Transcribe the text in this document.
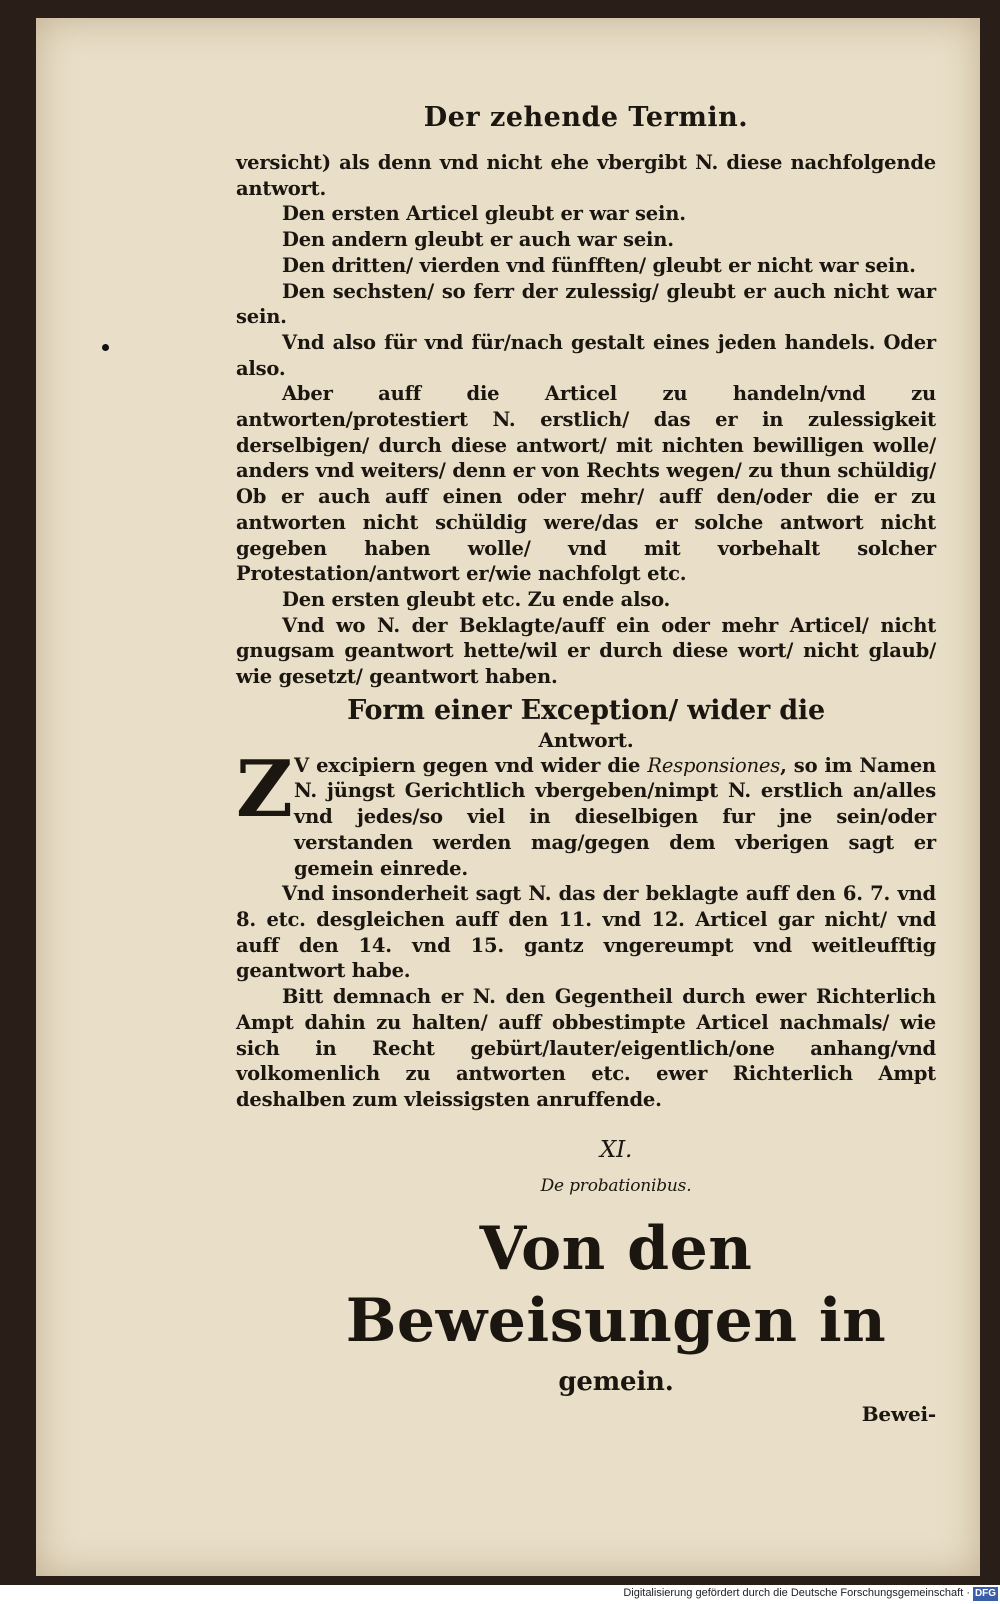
Der zehende Termin.

versicht) als denn vnd nicht ehe vbergibt N. diese nachfolgende antwort.

Den ersten Articel gleubt er war sein.

Den andern gleubt er auch war sein.

Den dritten/ vierden vnd fünfften/ gleubt er nicht war sein.

Den sechsten/ so ferr der zulessig/ gleubt er auch nicht war sein.

Vnd also für vnd für/nach gestalt eines jeden handels. Oder also.

Aber auff die Articel zu handeln/vnd zu antworten/protestiert N. erstlich/ das er in zulessigkeit derselbigen/ durch diese antwort/ mit nichten bewilligen wolle/ anders vnd weiters/ denn er von Rechts wegen/ zu thun schüldig/ Ob er auch auff einen oder mehr/ auff den/oder die er zu antworten nicht schüldig were/das er solche antwort nicht gegeben haben wolle/ vnd mit vorbehalt solcher Protestation/antwort er/wie nachfolgt etc.

Den ersten gleubt etc. Zu ende also.

Vnd wo N. der Beklagte/auff ein oder mehr Articel/ nicht gnugsam geantwort hette/wil er durch diese wort/ nicht glaub/ wie gesetzt/ geantwort haben.

Form einer Exception/ wider die
Antwort.
Z V excipiern gegen vnd wider die Responsiones, so im Namen N. jüngst Gerichtlich vbergeben/nimpt N. erstlich an/alles vnd jedes/so viel in dieselbigen fur jne sein/oder verstanden werden mag/gegen dem vberigen sagt er gemein einrede.

Vnd insonderheit sagt N. das der beklagte auff den 6. 7. vnd 8. etc. desgleichen auff den 11. vnd 12. Articel gar nicht/ vnd auff den 14. vnd 15. gantz vngereumpt vnd weitleufftig geantwort habe.

Bitt demnach er N. den Gegentheil durch ewer Richterlich Ampt dahin zu halten/ auff obbestimpte Articel nachmals/ wie sich in Recht gebürt/lauter/eigentlich/one anhang/vnd volkomenlich zu antworten etc. ewer Richterlich Ampt deshalben zum vleissigsten anruffende.

XI.
De probationibus.
Von den Beweisungen in
gemein.
Bewei-
Digitalisierung gefördert durch die Deutsche Forschungsgemeinschaft · DFG
